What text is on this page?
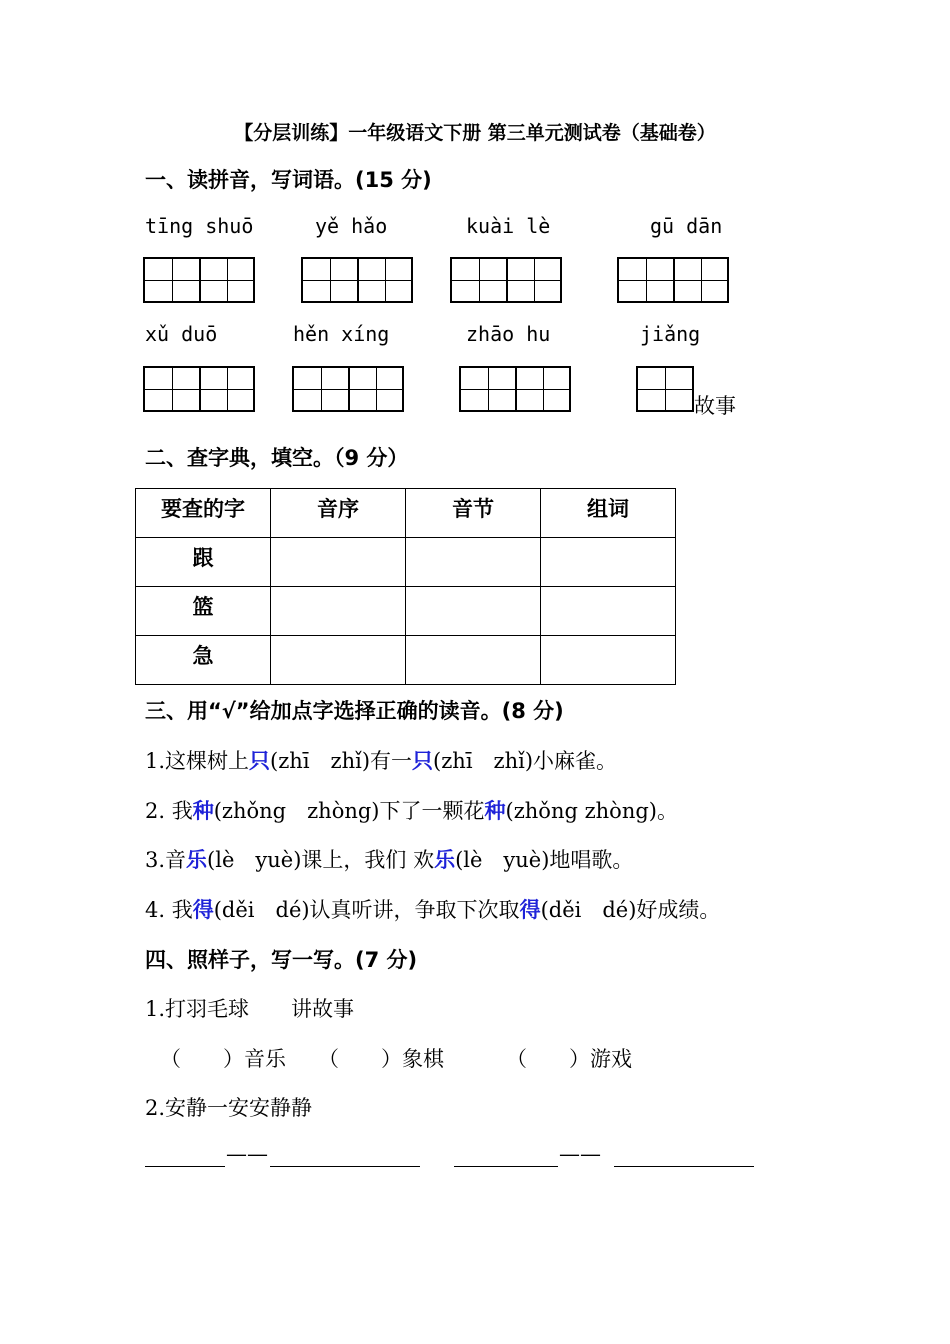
【分层训练】一年级语文下册 第三单元测试卷（基础卷）
一、读拼音，写词语。(15 分)
tīng shuō	yě hǎo	kuài lè	gū dān
xǔ duō	hěn xíng	zhāo hu	jiǎng
故事
二、查字典，填空。（9 分）
要查的字	音序	音节	组词
跟			
篮			
急			
三、用“√”给加点字选择正确的读音。(8 分)
1.这棵树上只(zhī　zhǐ)有一只(zhī　zhǐ)小麻雀。
2. 我种(zhǒng　zhòng)下了一颗花种(zhǒng zhòng)。
3.音乐(lè　yuè)课上，我们 欢乐(lè　yuè)地唱歌。
4. 我得(děi　dé)认真听讲，争取下次取得(děi　dé)好成绩。
四、照样子，写一写。(7 分)
1.打羽毛球　　讲故事
（　　）音乐 （　　）象棋	（　　）游戏
2.安静一安安静静
——	——
